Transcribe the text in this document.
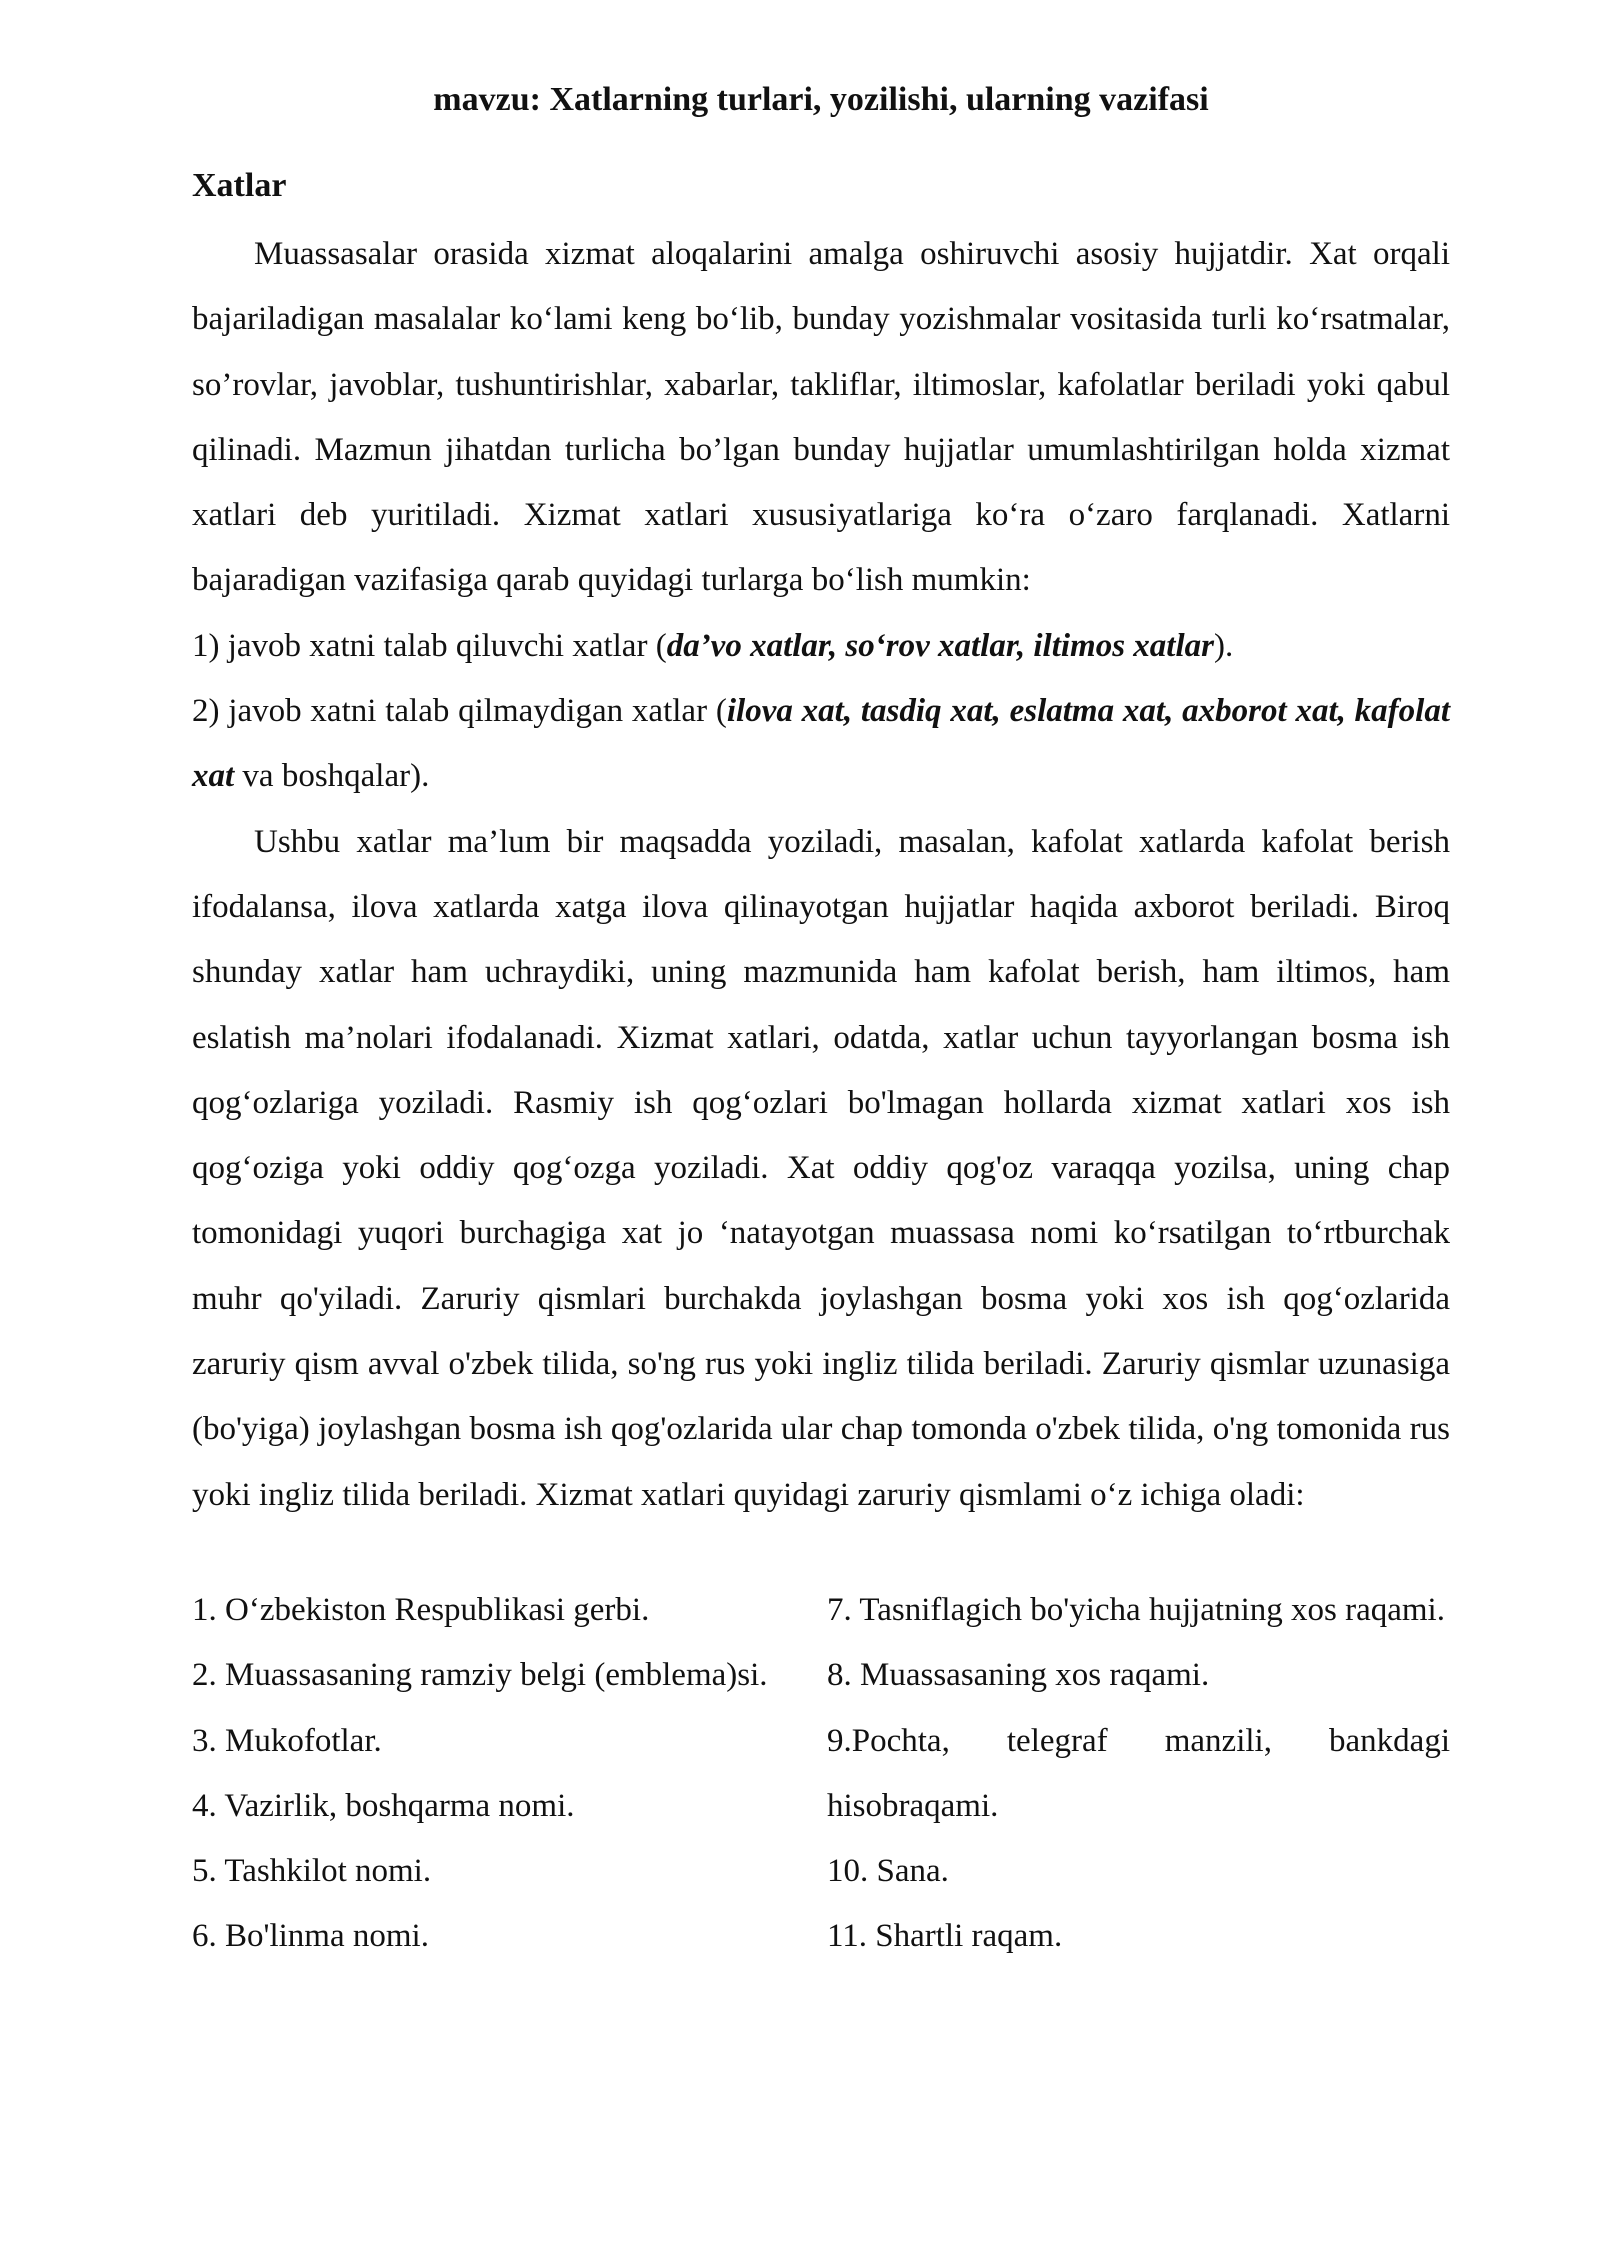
mavzu: Xatlarning turlari, yozilishi, ularning vazifasi
Xatlar

Muassasalar orasida xizmat aloqalarini amalga oshiruvchi asosiy hujjatdir. Xat orqali bajariladigan masalalar ko‘lami keng bo‘lib, bunday yozishmalar vositasida turli ko‘rsatmalar, so’rovlar, javoblar, tushuntirishlar, xabarlar, takliflar, iltimoslar, kafolatlar beriladi yoki qabul qilinadi. Mazmun jihatdan turlicha bo’lgan bunday hujjatlar umumlashtirilgan holda xizmat xatlari deb yuritiladi. Xizmat xatlari xususiyatlariga ko‘ra o‘zaro farqlanadi. Xatlarni bajaradigan vazifasiga qarab quyidagi turlarga bo‘lish mumkin:

1) javob xatni talab qiluvchi xatlar (da’vo xatlar, so‘rov xatlar, iltimos xatlar).

2) javob xatni talab qilmaydigan xatlar (ilova xat, tasdiq xat, eslatma xat, axborot xat, kafolat xat va boshqalar).

Ushbu xatlar ma’lum bir maqsadda yoziladi, masalan, kafolat xatlarda kafolat berish ifodalansa, ilova xatlarda xatga ilova qilinayotgan hujjatlar haqida axborot beriladi. Biroq shunday xatlar ham uchraydiki, uning mazmunida ham kafolat berish, ham iltimos, ham eslatish ma’nolari ifodalanadi. Xizmat xatlari, odatda, xatlar uchun tayyorlangan bosma ish qog‘ozlariga yoziladi. Rasmiy ish qog‘ozlari bo'lmagan hollarda xizmat xatlari xos ish qog‘oziga yoki oddiy qog‘ozga yoziladi. Xat oddiy qog'oz varaqqa yozilsa, uning chap tomonidagi yuqori burchagiga xat jo ‘natayotgan muassasa nomi ko‘rsatilgan to‘rtburchak muhr qo'yiladi. Zaruriy qismlari burchakda joylashgan bosma yoki xos ish qog‘ozlarida zaruriy qism avval o'zbek tilida, so'ng rus yoki ingliz tilida beriladi. Zaruriy qismlar uzunasiga (bo'yiga) joylashgan bosma ish qog'ozlarida ular chap tomonda o'zbek tilida, o'ng tomonida rus yoki ingliz tilida beriladi. Xizmat xatlari quyidagi zaruriy qismlami o‘z ichiga oladi:

1. O‘zbekiston Respublikasi gerbi.

2. Muassasaning ramziy belgi (emblema)si.

3. Mukofotlar.

4. Vazirlik, boshqarma nomi.

5. Tashkilot nomi.

6. Bo'linma nomi.

7. Tasniflagich bo'yicha hujjatning xos raqami.

8. Muassasaning xos raqami.

9.Pochta, telegraf manzili, bankdagi hisobraqami.

10. Sana.

11. Shartli raqam.
